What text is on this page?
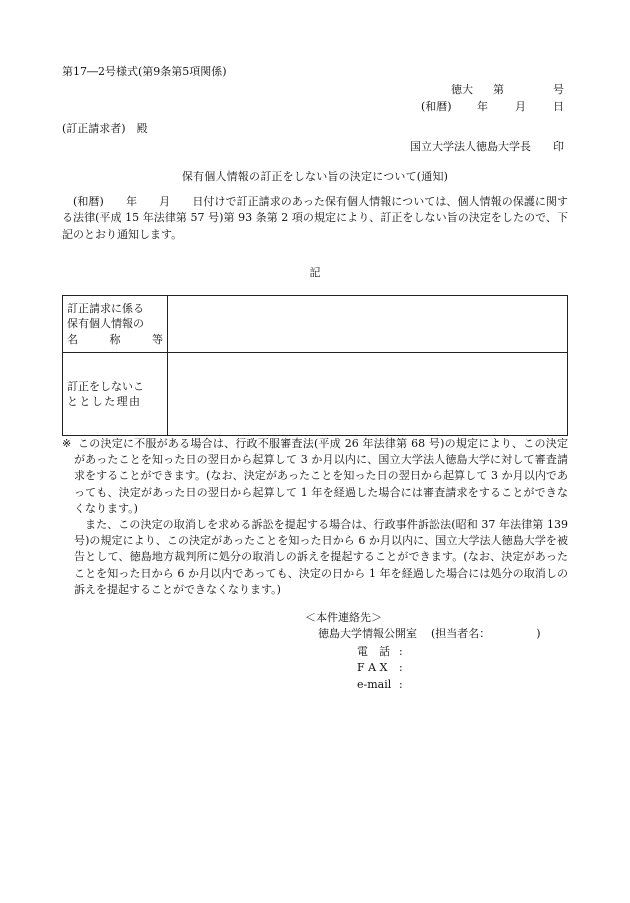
第17―2号様式(第9条第5項関係)
徳大	第	号
(和暦)	年	月	日
(訂正請求者)　殿
国立大学法人徳島大学長 印
保有個人情報の訂正をしない旨の決定について(通知)
(和暦)　　年　　月　　日付けで訂正請求のあった保有個人情報については、個人情報の保護に関する法律(平成 15 年法律第 57 号)第 93 条第 2 項の規定により、訂正をしない旨の決定をしたので、下記のとおり通知します。
記
訂正請求に係る
保有個人情報の
名 称 等	

訂正をしないこ
ととした理由	

※ この決定に不服がある場合は、行政不服審査法(平成 26 年法律第 68 号)の規定により、この決定があったことを知った日の翌日から起算して 3 か月以内に、国立大学法人徳島大学に対して審査請求をすることができます。(なお、決定があったことを知った日の翌日から起算して 3 か月以内であっても、決定があった日の翌日から起算して 1 年を経過した場合には審査請求をすることができなくなります。)

また、この決定の取消しを求める訴訟を提起する場合は、行政事件訴訟法(昭和 37 年法律第 139 号)の規定により、この決定があったことを知った日から 6 か月以内に、国立大学法人徳島大学を被告として、徳島地方裁判所に処分の取消しの訴えを提起することができます。(なお、決定があったことを知った日から 6 か月以内であっても、決定の日から 1 年を経過した場合には処分の取消しの訴えを提起することができなくなります。)

＜本件連絡先＞
徳島大学情報公開室 (担当者名：	)
電　話 :
F A X	:
e-mail :
